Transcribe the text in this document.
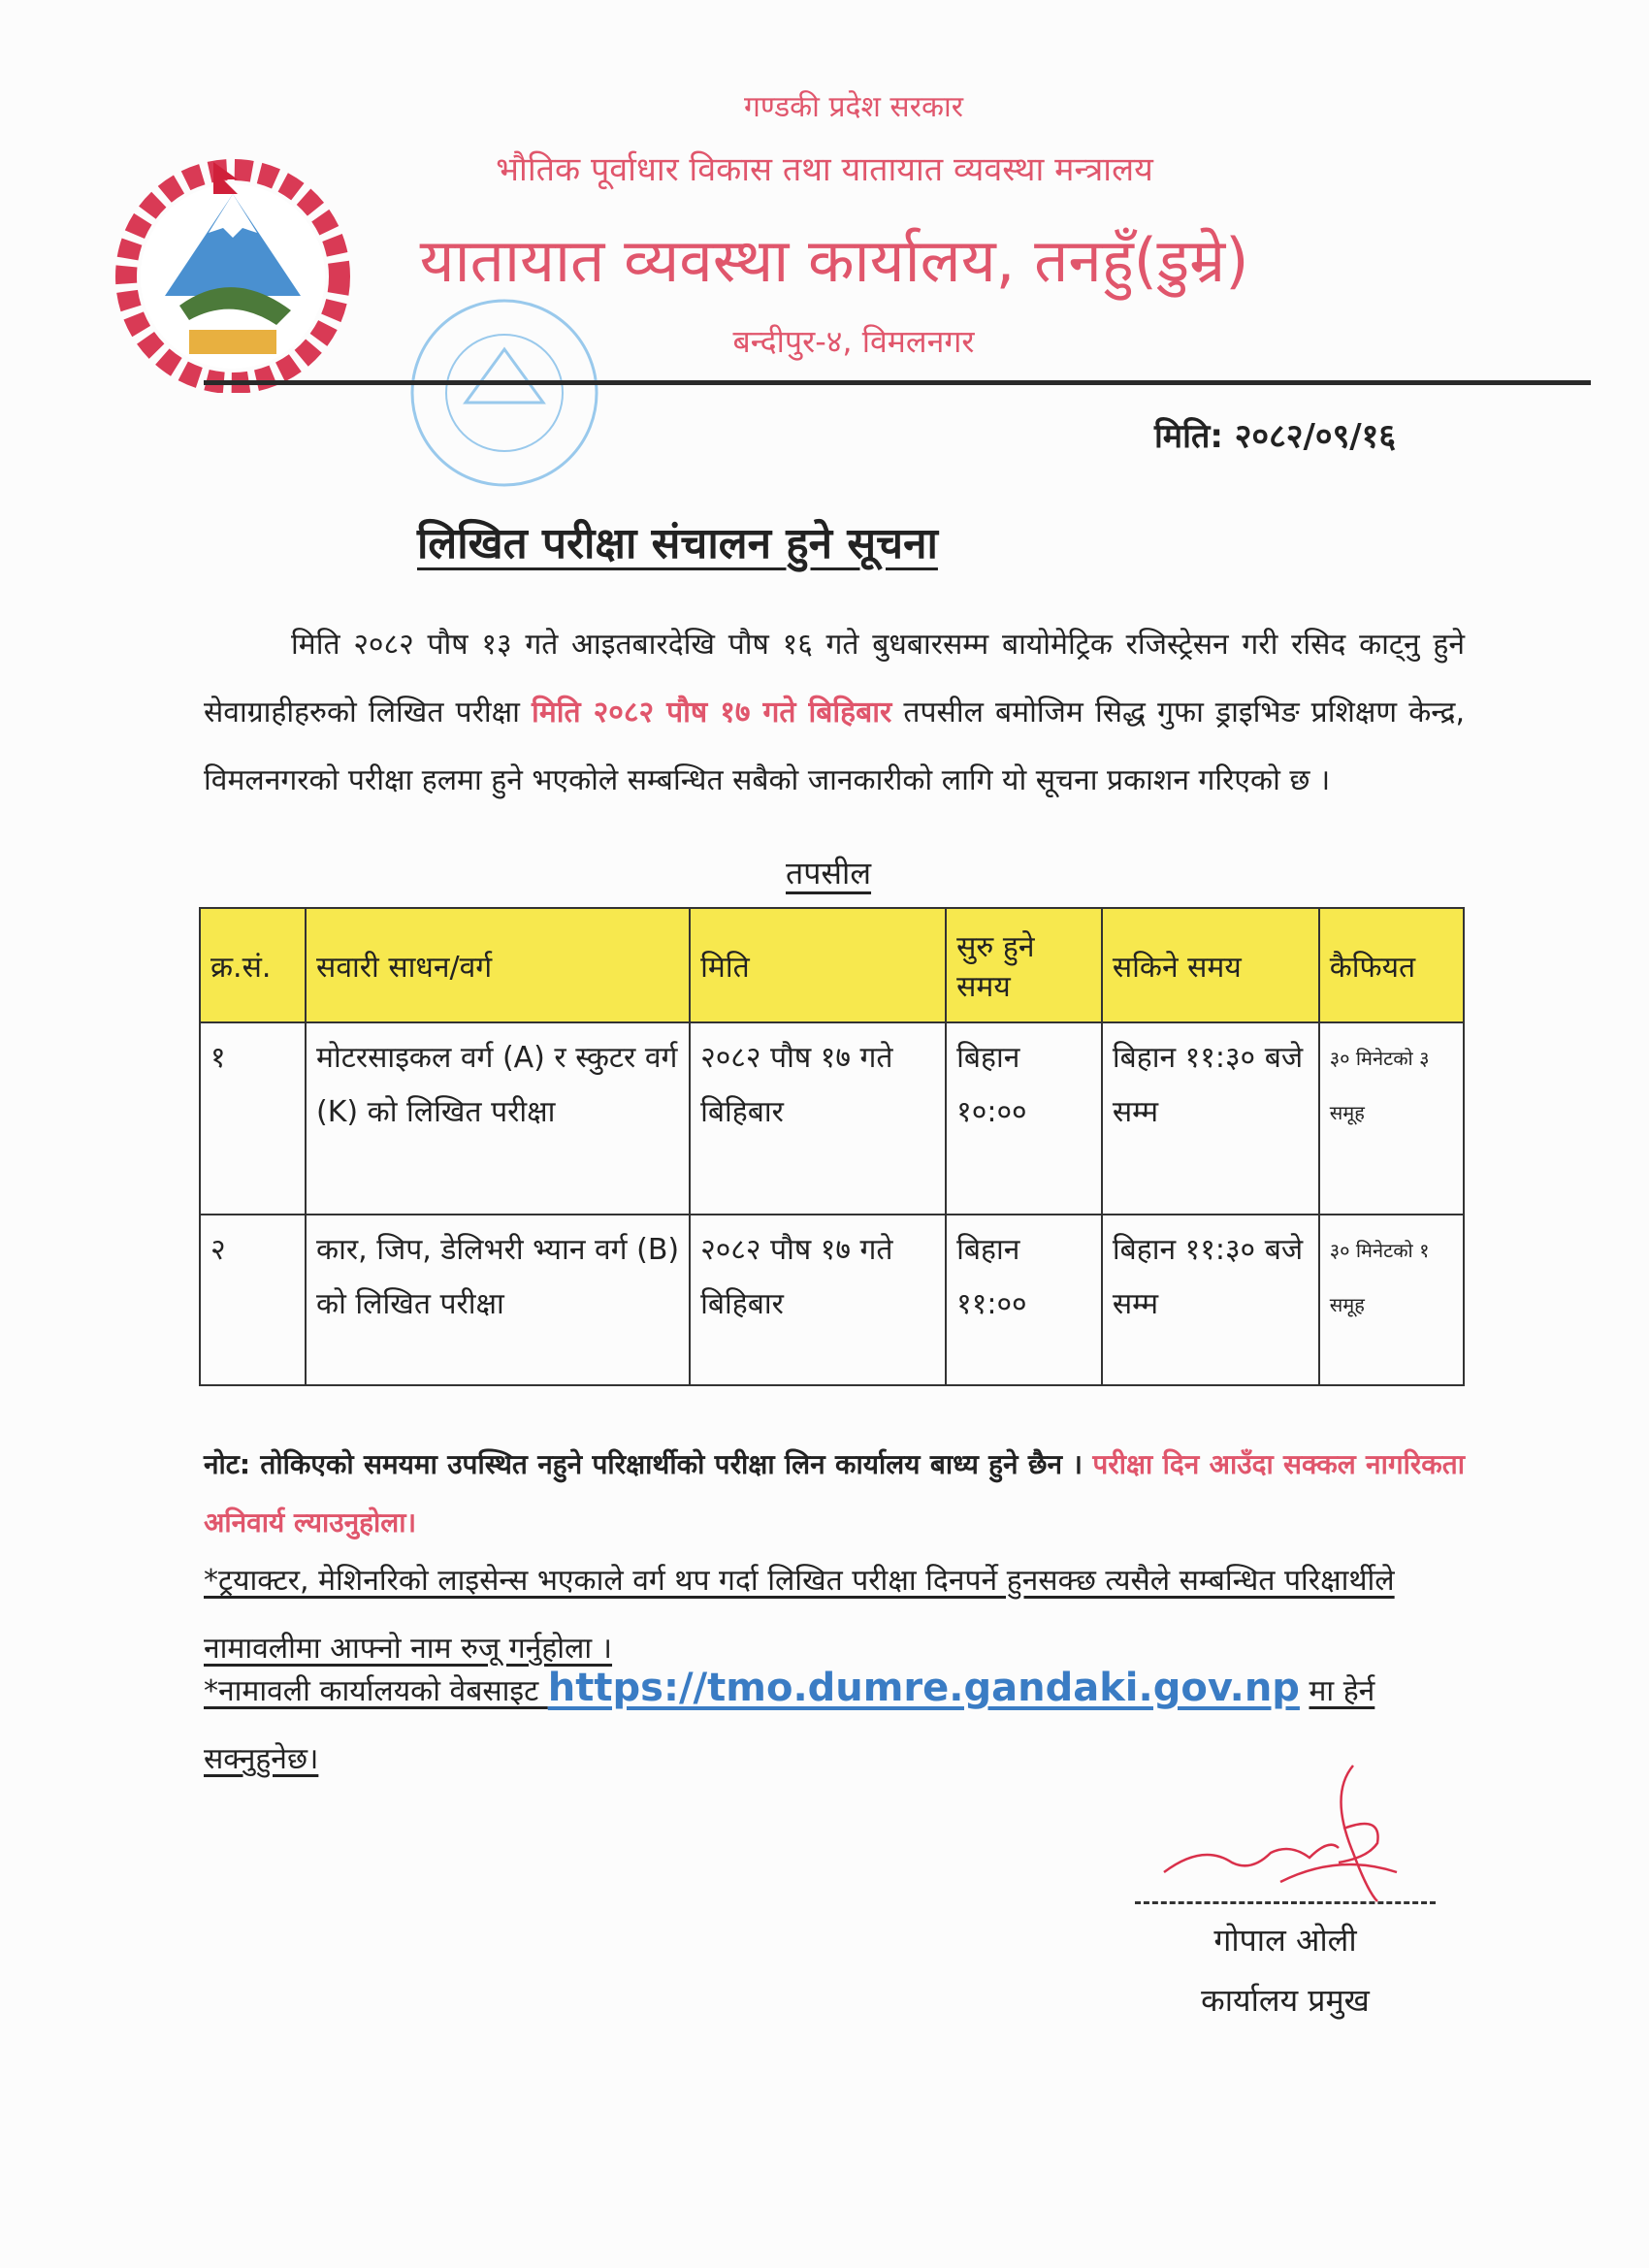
गण्डकी प्रदेश सरकार
भौतिक पूर्वाधार विकास तथा यातायात व्यवस्था मन्त्रालय
यातायात व्यवस्था कार्यालय, तनहुँ(डुम्रे)
बन्दीपुर-४, विमलनगर
मिति: २०८२/०९/१६
लिखित परीक्षा संचालन हुने सूचना
मिति २०८२ पौष १३ गते आइतबारदेखि पौष १६ गते बुधबारसम्म बायोमेट्रिक रजिस्ट्रेसन गरी रसिद काट्नु हुने सेवाग्राहीहरुको लिखित परीक्षा मिति २०८२ पौष १७ गते बिहिबार तपसील बमोजिम सिद्ध गुफा ड्राइभिङ प्रशिक्षण केन्द्र, विमलनगरको परीक्षा हलमा हुने भएकोले सम्बन्धित सबैको जानकारीको लागि यो सूचना प्रकाशन गरिएको छ ।
तपसील
क्र.सं.	सवारी साधन/वर्ग	मिति	सुरु हुने समय	सकिने समय	कैफियत
१	मोटरसाइकल वर्ग (A) र स्कुटर वर्ग (K) को लिखित परीक्षा	२०८२ पौष १७ गते बिहिबार	बिहान १०:००	बिहान ११:३० बजे सम्म	३० मिनेटको ३ समूह
२	कार, जिप, डेलिभरी भ्यान वर्ग (B) को लिखित परीक्षा	२०८२ पौष १७ गते बिहिबार	बिहान ११:००	बिहान ११:३० बजे सम्म	३० मिनेटको १ समूह
नोट: तोकिएको समयमा उपस्थित नहुने परिक्षार्थीको परीक्षा लिन कार्यालय बाध्य हुने छैन । परीक्षा दिन आउँदा सक्कल नागरिकता अनिवार्य ल्याउनुहोला।
*ट्रयाक्टर, मेशिनरिको लाइसेन्स भएकाले वर्ग थप गर्दा लिखित परीक्षा दिनपर्ने हुनसक्छ त्यसैले सम्बन्धित परिक्षार्थीले नामावलीमा आफ्नो नाम रुजू गर्नुहोला ।
*नामावली कार्यालयको वेबसाइट https://tmo.dumre.gandaki.gov.np मा हेर्न सक्नुहुनेछ।
गोपाल ओली
कार्यालय प्रमुख
